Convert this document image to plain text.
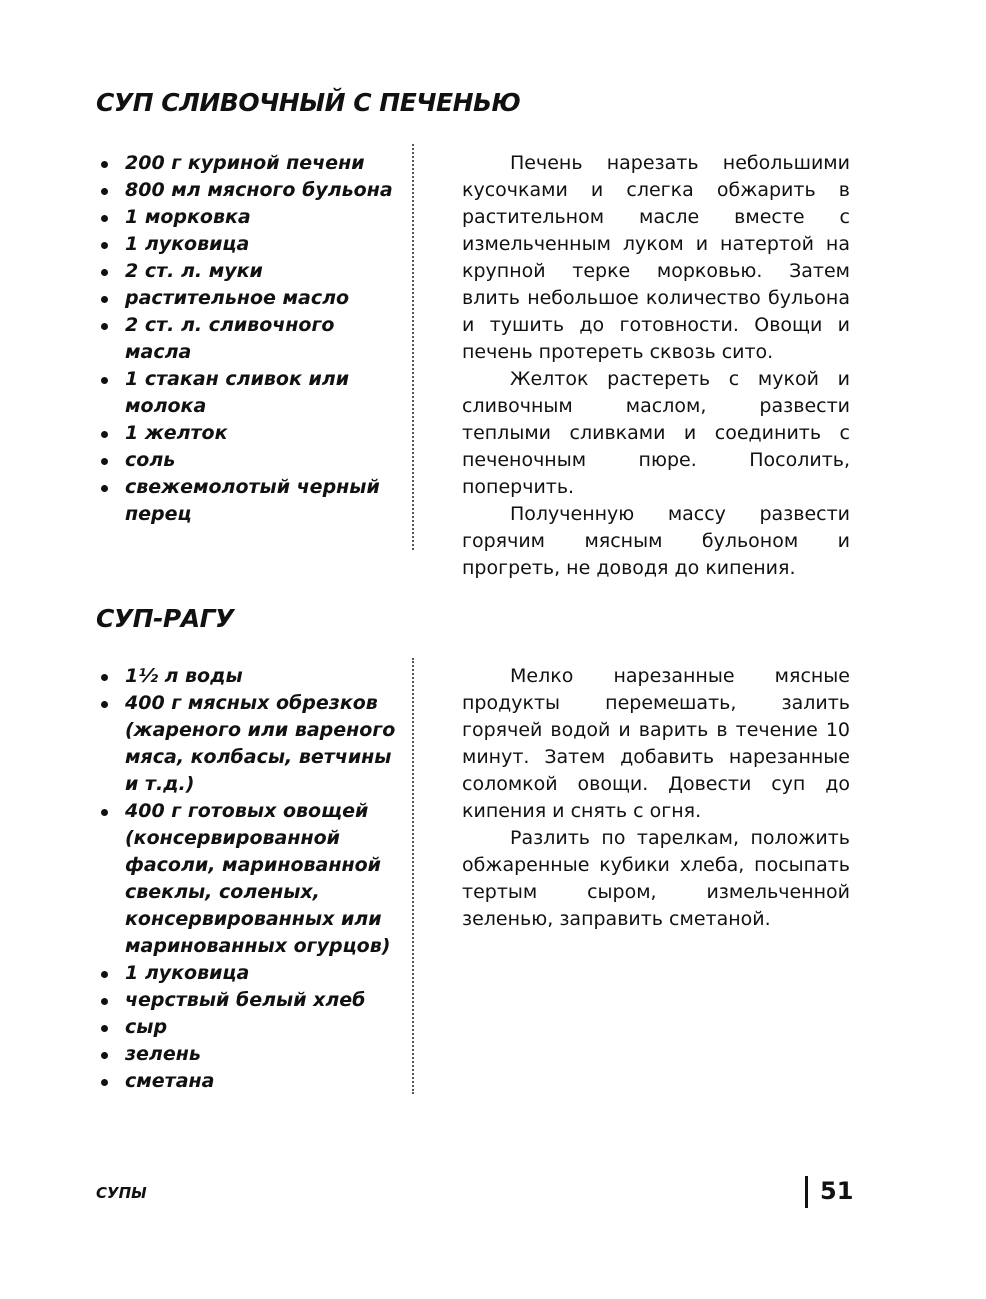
СУП СЛИВОЧНЫЙ С ПЕЧЕНЬЮ
200 г куриной печени
800 мл мясного бульона
1 морковка
1 луковица
2 ст. л. муки
растительное масло
2 ст. л. сливочного масла
1 стакан сливок или
молока
1 желток
соль
свежемолотый черный
перец

Печень нарезать небольшими кусочками и слегка обжарить в растительном масле вместе с измельченным луком и натертой на крупной терке морковью. Затем влить небольшое количество бульона и тушить до готовности. Овощи и печень протереть сквозь сито.

Желток растереть с мукой и сливочным маслом, развести теплыми сливками и соединить с печеночным пюре. Посолить, поперчить.

Полученную массу развести горячим мясным бульоном и прогреть, не доводя до кипения.

СУП-РАГУ
1½ л воды
400 г мясных обрезков
(жареного или вареного
мяса, колбасы, ветчины
и т.д.)
400 г готовых овощей
(консервированной
фасоли, маринованной
свеклы, соленых,
консервированных или
маринованных огурцов)
1 луковица
черствый белый хлеб
сыр
зелень
сметана

Мелко нарезанные мясные продукты перемешать, залить горячей водой и варить в течение 10 минут. Затем добавить нарезанные соломкой овощи. Довести суп до кипения и снять с огня.

Разлить по тарелкам, положить обжаренные кубики хлеба, посыпать тертым сыром, измельченной зеленью, заправить сметаной.

СУПЫ	51
